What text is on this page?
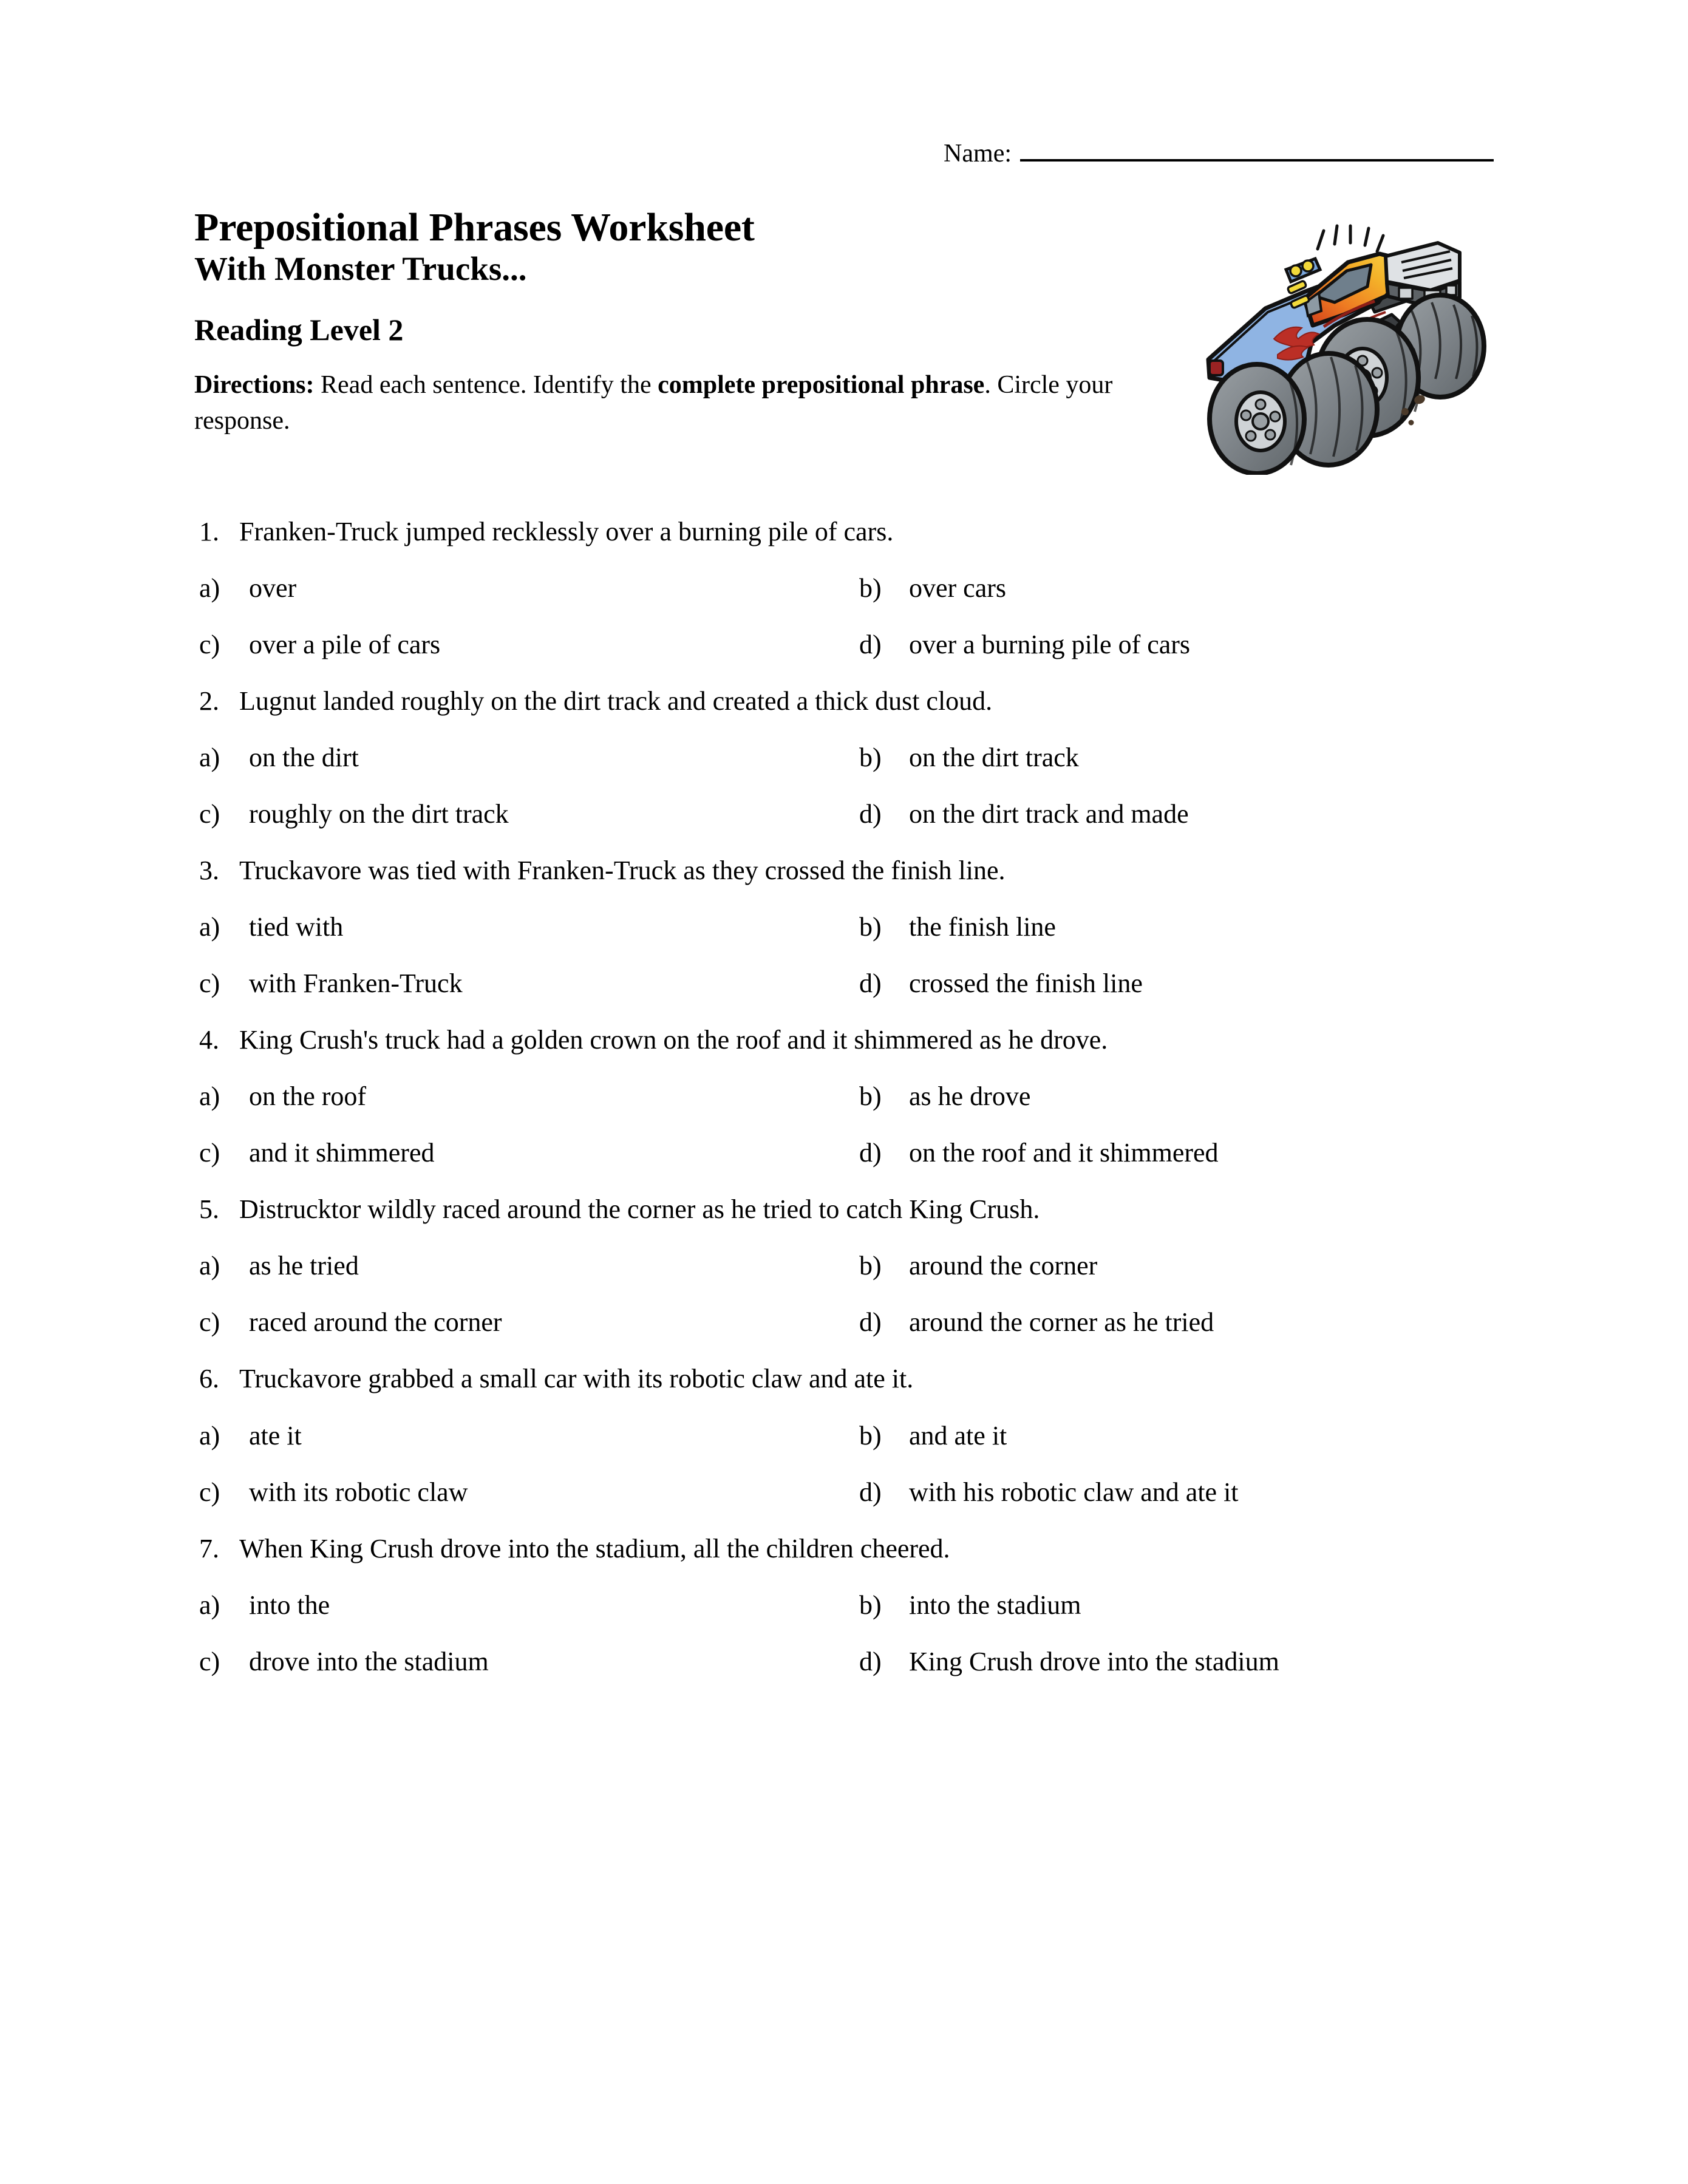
Name:
Prepositional Phrases Worksheet
With Monster Trucks...
Reading Level 2
Directions: Read each sentence. Identify the complete prepositional phrase. Circle your response.
1. Franken-Truck jumped recklessly over a burning pile of cars.
a)	over	b)	over cars
c)	over a pile of cars	d)	over a burning pile of cars
2. Lugnut landed roughly on the dirt track and created a thick dust cloud.
a)	on the dirt	b)	on the dirt track
c)	roughly on the dirt track	d)	on the dirt track and made
3. Truckavore was tied with Franken-Truck as they crossed the finish line.
a)	tied with	b)	the finish line
c)	with Franken-Truck	d)	crossed the finish line
4. King Crush's truck had a golden crown on the roof and it shimmered as he drove.
a)	on the roof	b)	as he drove
c)	and it shimmered	d)	on the roof and it shimmered
5. Distrucktor wildly raced around the corner as he tried to catch King Crush.
a)	as he tried	b)	around the corner
c)	raced around the corner	d)	around the corner as he tried
6. Truckavore grabbed a small car with its robotic claw and ate it.
a)	ate it	b)	and ate it
c)	with its robotic claw	d)	with his robotic claw and ate it
7. When King Crush drove into the stadium, all the children cheered.
a)	into the	b)	into the stadium
c)	drove into the stadium	d)	King Crush drove into the stadium
